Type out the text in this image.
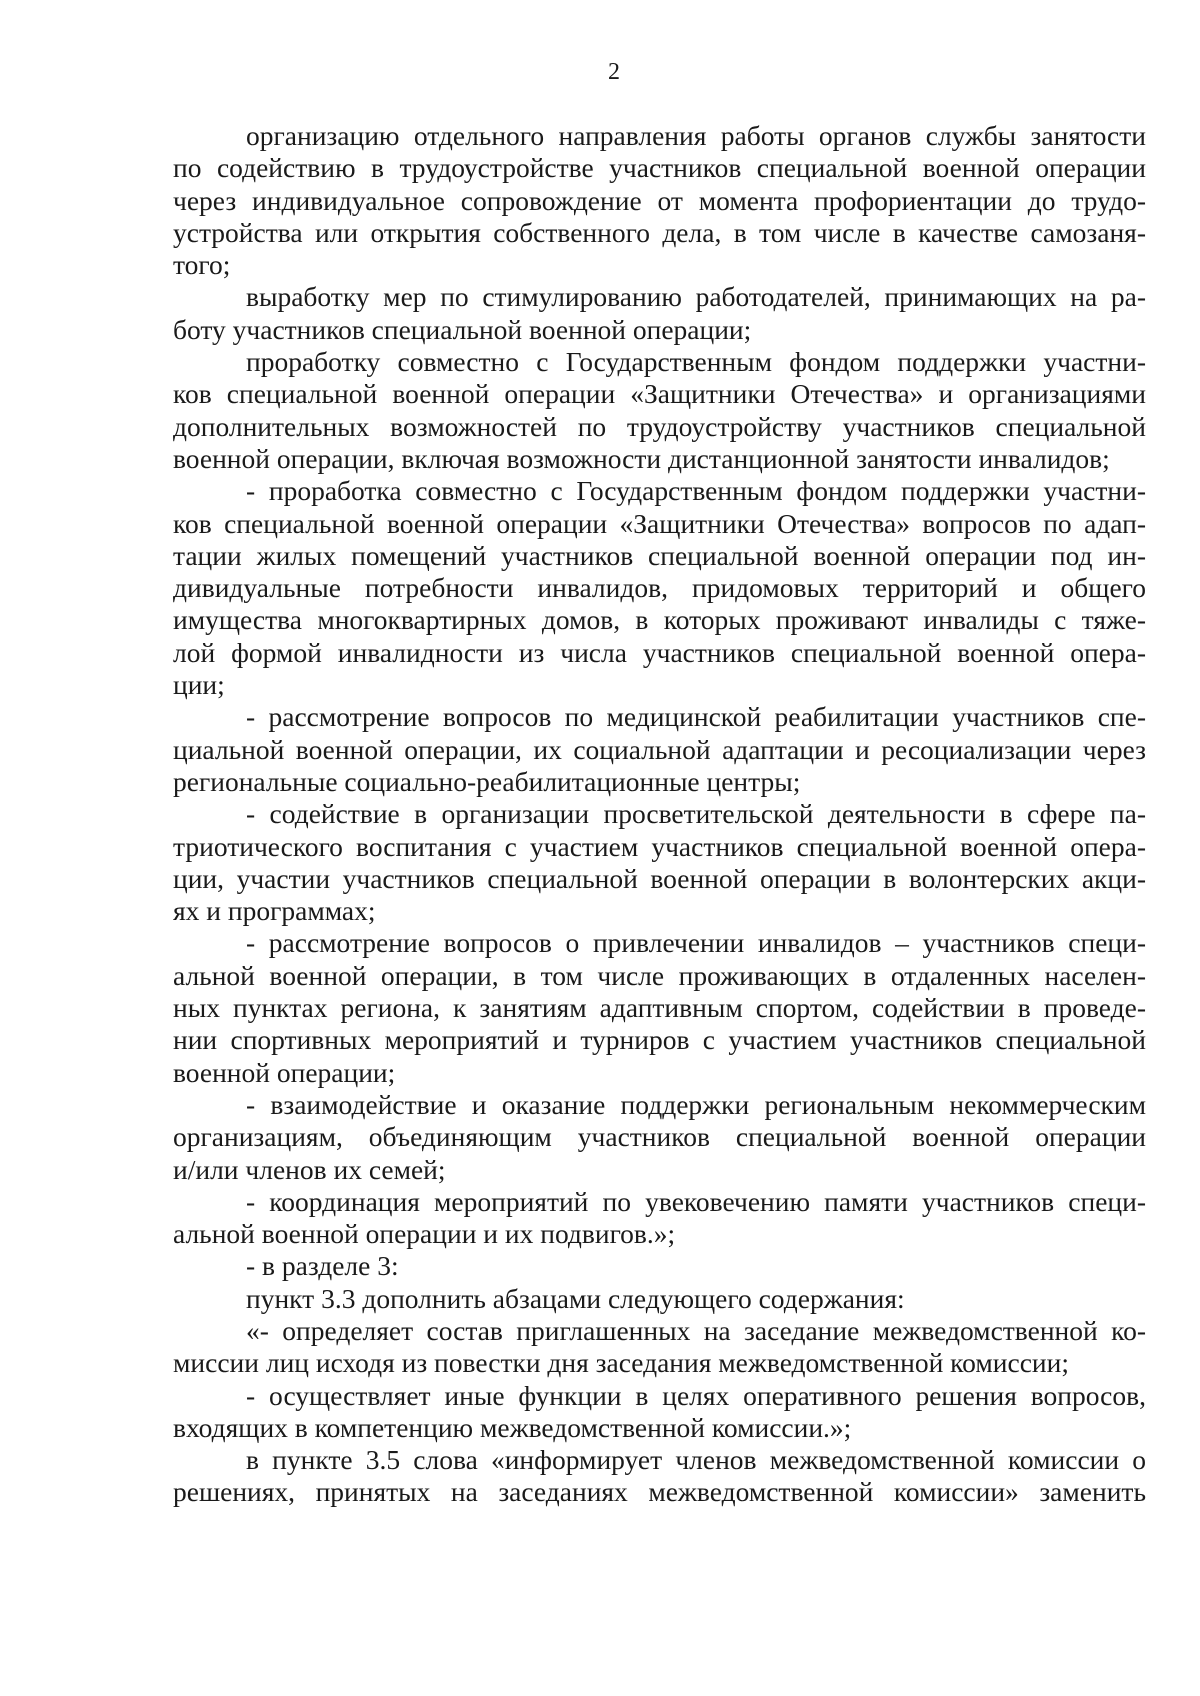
2
организацию отдельного направления работы органов службы занятости
по содействию в трудоустройстве участников специальной военной операции
через индивидуальное сопровождение от момента профориентации до трудо-
устройства или открытия собственного дела, в том числе в качестве самозаня-
того;
выработку мер по стимулированию работодателей, принимающих на ра-
боту участников специальной военной операции;
проработку совместно с Государственным фондом поддержки участни-
ков специальной военной операции «Защитники Отечества» и организациями
дополнительных возможностей по трудоустройству участников специальной
военной операции, включая возможности дистанционной занятости инвалидов;
- проработка совместно с Государственным фондом поддержки участни-
ков специальной военной операции «Защитники Отечества» вопросов по адап-
тации жилых помещений участников специальной военной операции под ин-
дивидуальные потребности инвалидов, придомовых территорий и общего
имущества многоквартирных домов, в которых проживают инвалиды с тяже-
лой формой инвалидности из числа участников специальной военной опера-
ции;
- рассмотрение вопросов по медицинской реабилитации участников спе-
циальной военной операции, их социальной адаптации и ресоциализации через
региональные социально-реабилитационные центры;
- содействие в организации просветительской деятельности в сфере па-
триотического воспитания с участием участников специальной военной опера-
ции, участии участников специальной военной операции в волонтерских акци-
ях и программах;
- рассмотрение вопросов о привлечении инвалидов – участников специ-
альной военной операции, в том числе проживающих в отдаленных населен-
ных пунктах региона, к занятиям адаптивным спортом, содействии в проведе-
нии спортивных мероприятий и турниров с участием участников специальной
военной операции;
- взаимодействие и оказание поддержки региональным некоммерческим
организациям, объединяющим участников специальной военной операции
и/или членов их семей;
- координация мероприятий по увековечению памяти участников специ-
альной военной операции и их подвигов.»;
- в разделе 3:
пункт 3.3 дополнить абзацами следующего содержания:
«- определяет состав приглашенных на заседание межведомственной ко-
миссии лиц исходя из повестки дня заседания межведомственной комиссии;
- осуществляет иные функции в целях оперативного решения вопросов,
входящих в компетенцию межведомственной комиссии.»;
в пункте 3.5 слова «информирует членов межведомственной комиссии о
решениях, принятых на заседаниях межведомственной комиссии» заменить
